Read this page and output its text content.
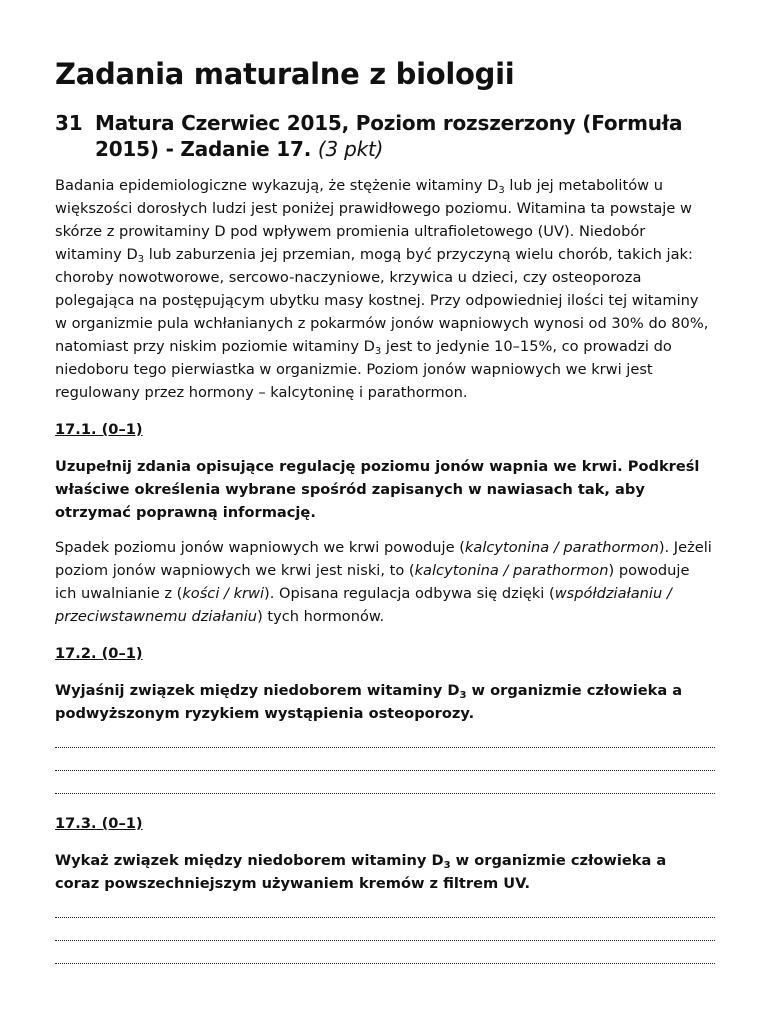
Zadania maturalne z biologii
31 Matura Czerwiec 2015, Poziom rozszerzony (Formuła 2015) - Zadanie 17. (3 pkt)

Badania epidemiologiczne wykazują, że stężenie witaminy $D_3$ lub jej metabolitów u większości dorosłych ludzi jest poniżej prawidłowego poziomu. Witamina ta powstaje w skórze z prowitaminy D pod wpływem promienia ultrafioletowego (UV). Niedobór witaminy $D_3$ lub zaburzenia jej przemian, mogą być przyczyną wielu chorób, takich jak: choroby nowotworowe, sercowo-naczyniowe, krzywica u dzieci, czy osteoporoza polegająca na postępującym ubytku masy kostnej. Przy odpowiedniej ilości tej witaminy w organizmie pula wchłanianych z pokarmów jonów wapniowych wynosi od 30% do 80%, natomiast przy niskim poziomie witaminy $D_3$ jest to jedynie 10–15%, co prowadzi do niedoboru tego pierwiastka w organizmie. Poziom jonów wapniowych we krwi jest regulowany przez hormony – kalcytoninę i parathormon.

17.1. (0–1)

Uzupełnij zdania opisujące regulację poziomu jonów wapnia we krwi. Podkreśl właściwe określenia wybrane spośród zapisanych w nawiasach tak, aby otrzymać poprawną informację.

Spadek poziomu jonów wapniowych we krwi powoduje (kalcytonina / parathormon). Jeżeli poziom jonów wapniowych we krwi jest niski, to (kalcytonina / parathormon) powoduje ich uwalnianie z (kości / krwi). Opisana regulacja odbywa się dzięki (współdziałaniu / przeciwstawnemu działaniu) tych hormonów.

17.2. (0–1)

Wyjaśnij związek między niedoborem witaminy $D_3$ w organizmie człowieka a podwyższonym ryzykiem wystąpienia osteoporozy.

17.3. (0–1)

Wykaż związek między niedoborem witaminy $D_3$ w organizmie człowieka a coraz powszechniejszym używaniem kremów z filtrem UV.
